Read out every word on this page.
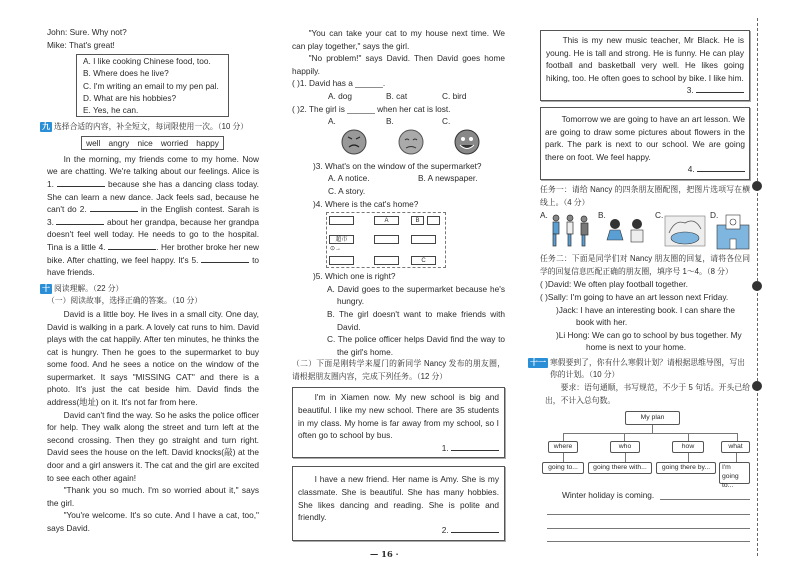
John: Sure. Why not?
Mike: That's great!
A. I like cooking Chinese food, too.
B. Where does he live?
C. I'm writing an email to my pen pal.
D. What are his hobbies?
E. Yes, he can.
九 选择合适的内容，补全短文，每词限使用一次。（10 分）
well angry nice worried happy
In the morning, my friends come to my home. Now we are chatting. We're talking about our feelings. Alice is 1.	because she has a dancing class today. She can learn a new dance. Jack feels sad, because he can't do 2.	in the English contest. Sarah is 3.	about her grandpa, because her grandpa doesn't feel well today. He needs to go to the hospital. Tina is a little 4.	. Her brother broke her new bike. After chatting, we feel happy. It's 5.	to have friends.
十 阅读理解。（22 分）
（一）阅读故事，选择正确的答案。（10 分）

David is a little boy. He lives in a small city. One day, David is walking in a park. A lovely cat runs to him. David plays with the cat happily. After ten minutes, he thinks the cat is hungry. Then he goes to the supermarket to buy some food. And he sees a notice on the window of the supermarket. It says "MISSING CAT" and there is a photo. It's just the cat beside him. David finds the address(地址) on it. It's not far from here.

David can't find the way. So he asks the police officer for help. They walk along the street and turn left at the second crossing. Then they go straight and turn right. David sees the house on the left. David knocks(敲) at the door and a girl answers it. The cat and the girl are excited to see each other again!

"Thank you so much. I'm so worried about it," says the girl.

"You're welcome. It's so cute. And I have a cat, too," says David.

"You can take your cat to my house next time. We can play together," says the girl.

"No problem!" says David. Then David goes home happily.

( )1. David has a ______.
A. dog	B. cat	C. bird
( )2. The girl is ______ when her cat is lost.
A.	B.	C.
)3. What's on the window of the supermarket?
A. A notice.	B. A newspaper.
C. A story.
)4. Where is the cat's home?
A	B
超市
⊙→
C
)5. Which one is right?

A. David goes to the supermarket because he's hungry.

B. The girl doesn't want to make friends with David.

C. The police officer helps David find the way to the girl's home.

（二）下面是刚转学来厦门的新同学 Nancy 发布的朋友圈，请根据朋友圈内容，完成下列任务。（12 分）

I'm in Xiamen now. My new school is big and beautiful. I like my new school. There are 35 students in my class. My home is far away from my school, so I often go to school by bus.

1.

I have a new friend. Her name is Amy. She is my classmate. She is beautiful. She has many hobbies. She likes dancing and reading. She is polite and friendly.

2.
— 16 ·

This is my new music teacher, Mr Black. He is young. He is tall and strong. He is funny. He can play football and basketball very well. He likes going hiking, too. He often goes to school by bike. I like him.

3.

Tomorrow we are going to have an art lesson. We are going to draw some pictures about flowers in the park. The park is next to our school. We are going there on foot. We feel happy.

4.
任务一：请给 Nancy 的四条朋友圈配图，把图片选项写在横线上。（4 分）
A.	B.	C.	D.
任务二：下面是同学们对 Nancy 朋友圈的回复，请将各位同学的回复信息匹配正确的朋友圈，填序号 1～4。（8 分）

( )David: We often play football together.

( )Sally: I'm going to have an art lesson next Friday.

)Jack: I have an interesting book. I can share the book with her.

)Li Hong: We can go to school by bus together. My home is next to your home.

十一 寒假要到了，你有什么寒假计划？请根据思维导图，写出你的计划。（10 分）
要求：语句通顺，书写规范，不少于 5 句话。开头已给出，不计入总句数。
My plan
where	who	how	what
going to...	going there with...	going there by...	I'm going to...
Winter holiday is coming.
